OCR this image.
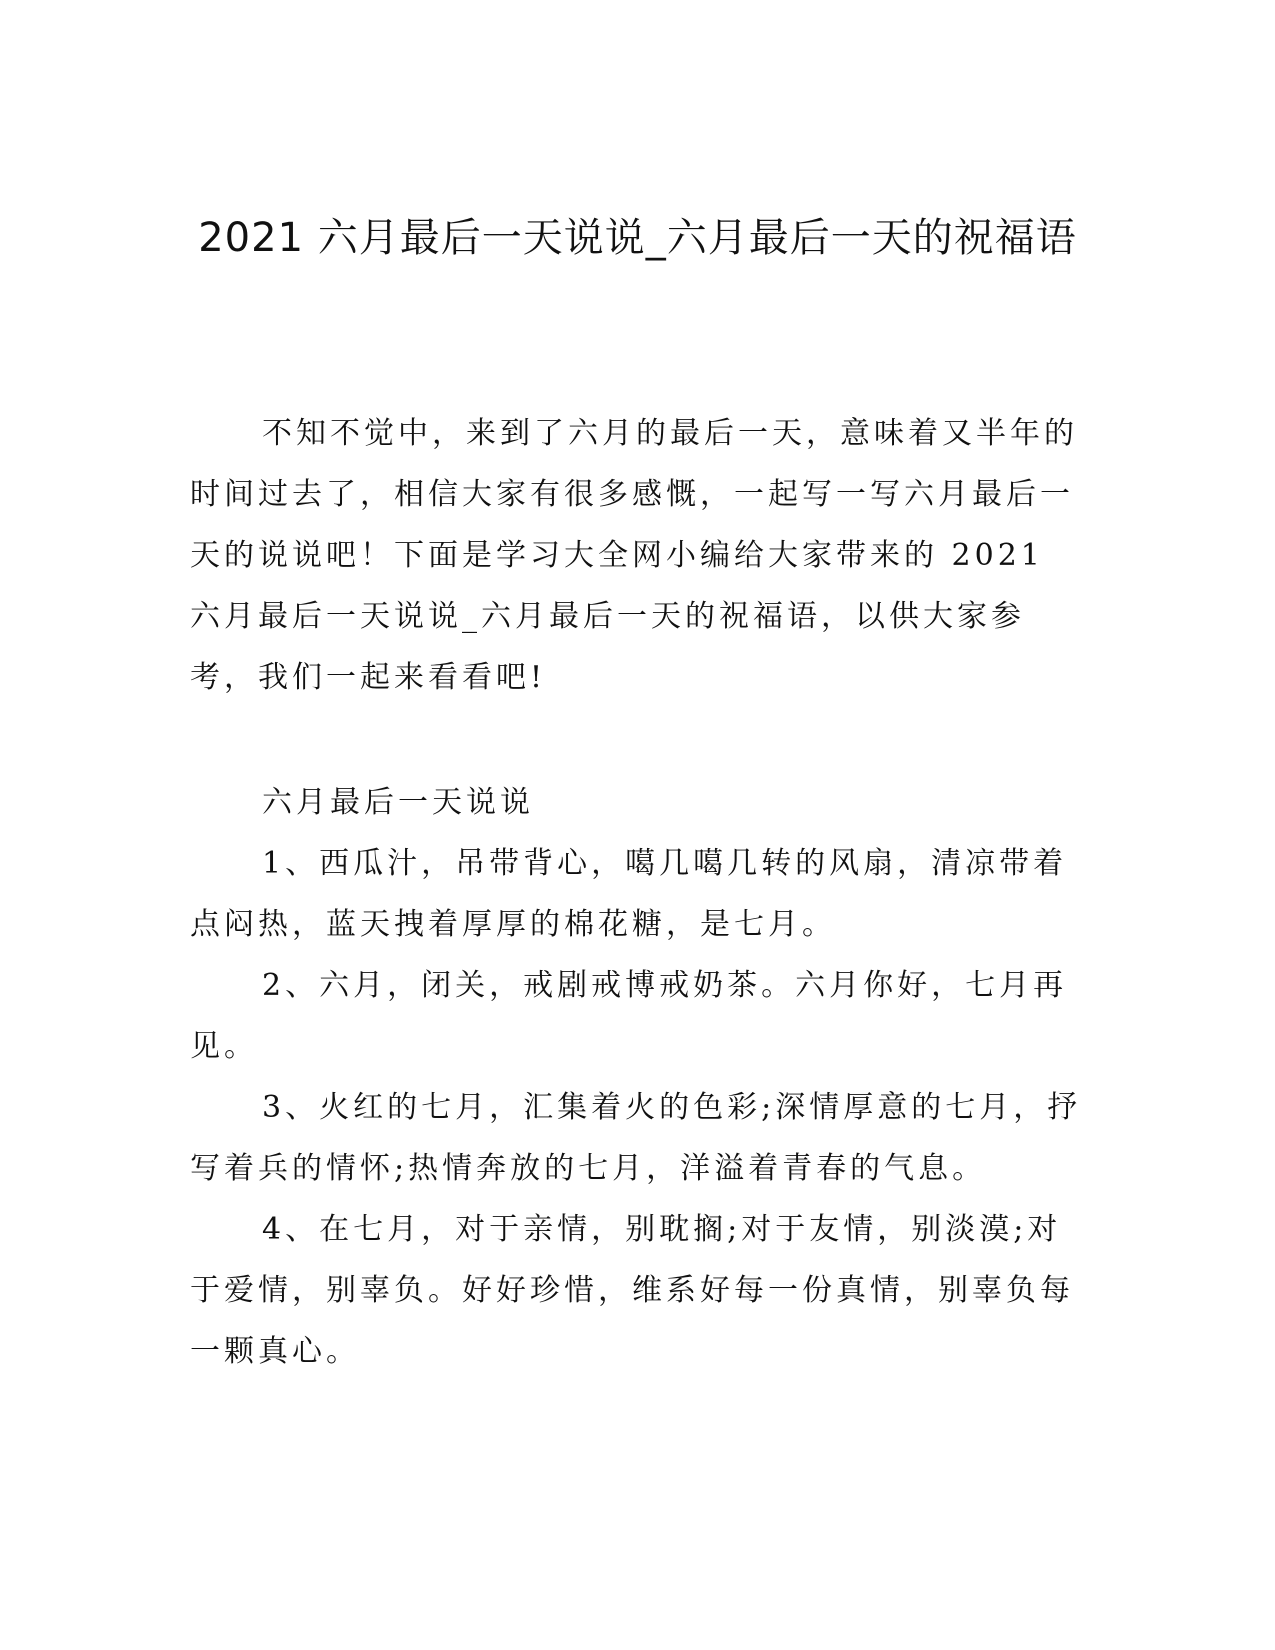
2021 六月最后一天说说_六月最后一天的祝福语

不知不觉中，来到了六月的最后一天，意味着又半年的时间过去了，相信大家有很多感慨，一起写一写六月最后一天的说说吧！下面是学习大全网小编给大家带来的 2021 六月最后一天说说_六月最后一天的祝福语，以供大家参考，我们一起来看看吧!

六月最后一天说说

1、西瓜汁，吊带背心，噶几噶几转的风扇，清凉带着点闷热，蓝天拽着厚厚的棉花糖，是七月。

2、六月，闭关，戒剧戒博戒奶茶。六月你好，七月再见。

3、火红的七月，汇集着火的色彩;深情厚意的七月，抒写着兵的情怀;热情奔放的七月，洋溢着青春的气息。

4、在七月，对于亲情，别耽搁;对于友情，别淡漠;对于爱情，别辜负。好好珍惜，维系好每一份真情，别辜负每一颗真心。
